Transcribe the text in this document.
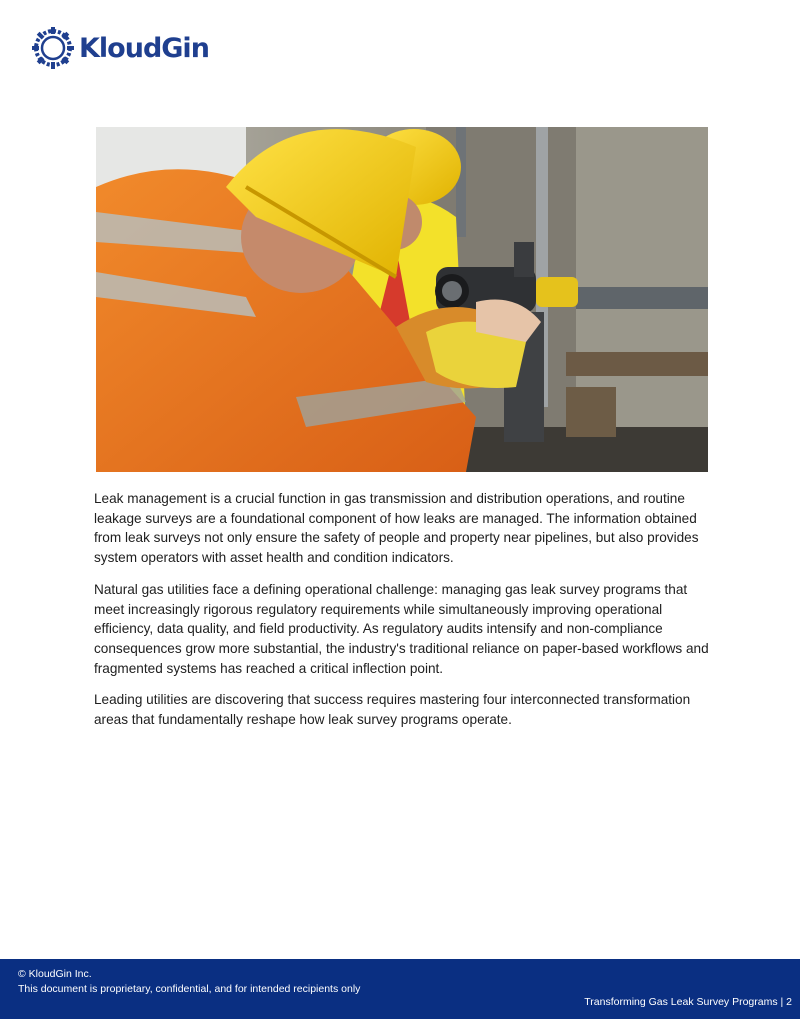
KloudGin

Leak management is a crucial function in gas transmission and distribution operations, and routine leakage surveys are a foundational component of how leaks are managed. The information obtained from leak surveys not only ensure the safety of people and property near pipelines, but also provides system operators with asset health and condition indicators.

Natural gas utilities face a defining operational challenge: managing gas leak survey programs that meet increasingly rigorous regulatory requirements while simultaneously improving operational efficiency, data quality, and field productivity. As regulatory audits intensify and non-compliance consequences grow more substantial, the industry's traditional reliance on paper-based workflows and fragmented systems has reached a critical inflection point.

Leading utilities are discovering that success requires mastering four interconnected transformation areas that fundamentally reshape how leak survey programs operate.

© KloudGin Inc.
This document is proprietary, confidential, and for intended recipients only
Transforming Gas Leak Survey Programs | 2
